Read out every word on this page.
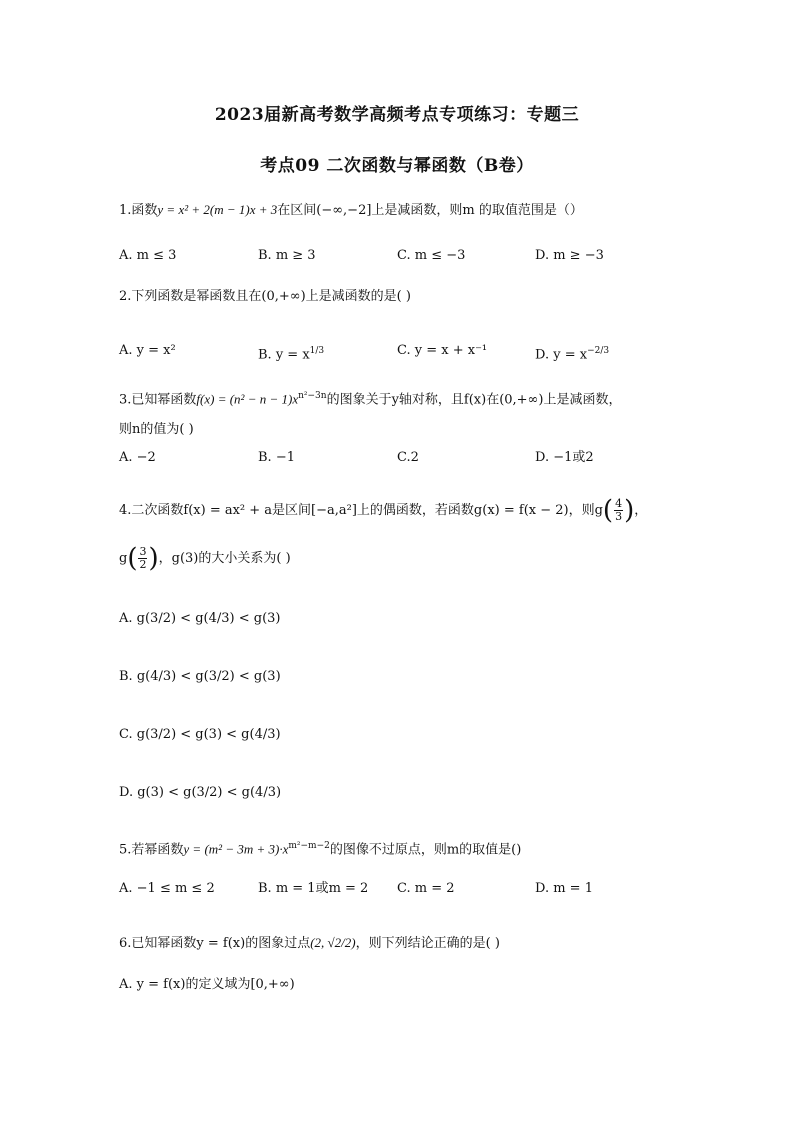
2023届新高考数学高频考点专项练习：专题三
考点09 二次函数与幂函数（B卷）
1.函数y = x² + 2(m − 1)x + 3在区间(−∞,−2]上是减函数，则m 的取值范围是（）
A. m ≤ 3	B. m ≥ 3	C. m ≤ −3	D. m ≥ −3
2.下列函数是幂函数且在(0,+∞)上是减函数的是( )
A. y = x²	B. $y = x^{1/3}$	C. y = x + x⁻¹	D. $y = x^{-2/3}$
3.已知幂函数$f(x) = (n^2 - n - 1)x^{n^2-3n}$的图象关于y轴对称，且f(x)在(0,+∞)上是减函数，
则n的值为( )
A. −2	B. −1	C.2	D. −1或2
4.二次函数f(x) = ax² + a是区间[−a,a²]上的偶函数，若函数g(x) = f(x − 2)，则$g( \frac{4}{3}$ )，
$g( \frac{3}{2}$ )，g(3)的大小关系为( )
A. g(3/2) < g(4/3) < g(3)
B. g(4/3) < g(3/2) < g(3)
C. g(3/2) < g(3) < g(4/3)
D. g(3) < g(3/2) < g(4/3)
5.若幂函数$y = (m^2 - 3m + 3)\cdot x^{m^2-m-2}$的图像不过原点，则m的取值是()
A. −1 ≤ m ≤ 2	B. m = 1或m = 2 C. m = 2	D. m = 1
6.已知幂函数y = f(x)的图象过点(2, √2/2)，则下列结论正确的是( )
A. y = f(x)的定义域为[0,+∞)
